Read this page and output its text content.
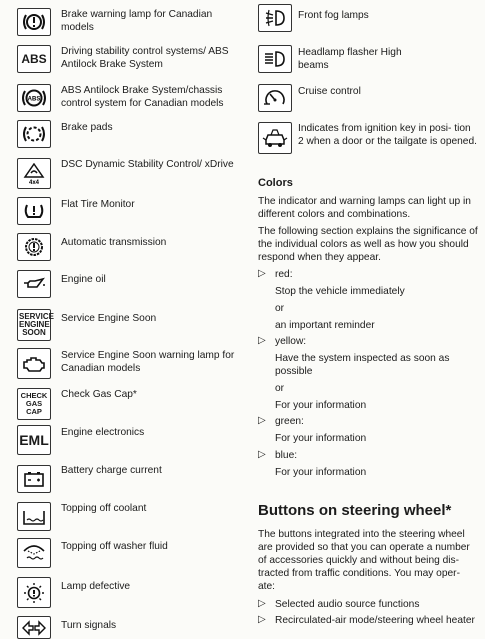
Brake warning lamp for Canadian models
ABS
Driving stability control systems/ ABS Antilock Brake System
ABS
ABS Antilock Brake System/chassis control system for Canadian models
Brake pads
4x4
DSC Dynamic Stability Control/ xDrive
Flat Tire Monitor
Automatic transmission
Engine oil
SERVICE ENGINE SOON
Service Engine Soon
Service Engine Soon warning lamp for Canadian models
CHECK GAS CAP
Check Gas Cap*
EML Engine electronics
Battery charge current
Topping off coolant
Topping off washer fluid
Lamp defective
Turn signals
Front fog lamps
Headlamp flasher High beams
Cruise control
Indicates from ignition key in posi- tion 2 when a door or the tailgate is opened.
Colors
The indicator and warning lamps can light up in different colors and combinations.
The following section explains the significance of the individual colors as well as how you should respond when they appear.
▷ red:
Stop the vehicle immediately
or
an important reminder
▷ yellow:
Have the system inspected as soon as possible
or
For your information
▷ green:
For your information
▷ blue:
For your information
Buttons on steering wheel*
The buttons integrated into the steering wheel are provided so that you can operate a number of accessories quickly and without being dis- tracted from traffic conditions. You may oper- ate:
▷ Selected audio source functions
▷ Recirculated-air mode/steering wheel heater
